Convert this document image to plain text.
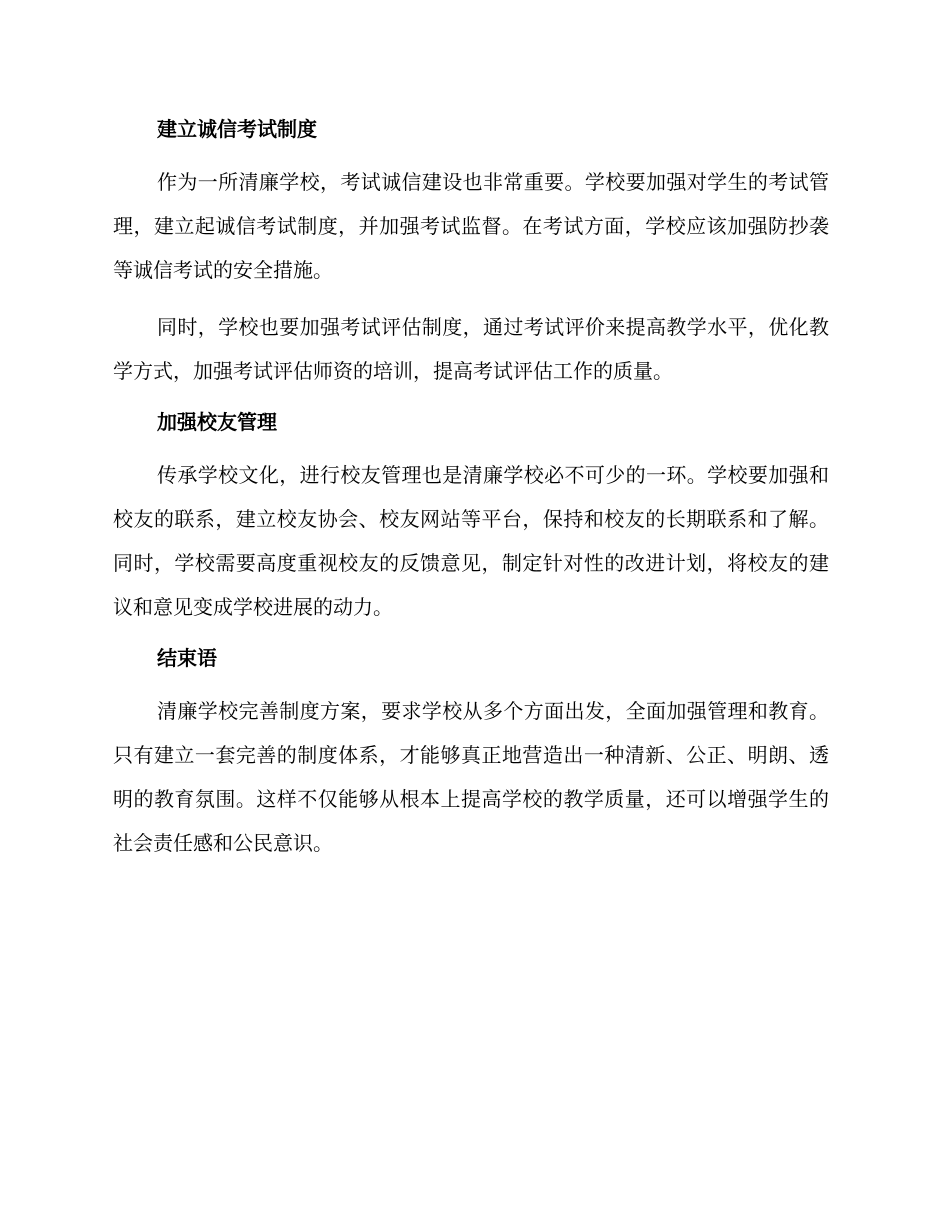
建立诚信考试制度

作为一所清廉学校，考试诚信建设也非常重要。学校要加强对学生的考试管理，建立起诚信考试制度，并加强考试监督。在考试方面，学校应该加强防抄袭等诚信考试的安全措施。

同时，学校也要加强考试评估制度，通过考试评价来提高教学水平，优化教学方式，加强考试评估师资的培训，提高考试评估工作的质量。

加强校友管理

传承学校文化，进行校友管理也是清廉学校必不可少的一环。学校要加强和校友的联系，建立校友协会、校友网站等平台，保持和校友的长期联系和了解。同时，学校需要高度重视校友的反馈意见，制定针对性的改进计划，将校友的建议和意见变成学校进展的动力。

结束语

清廉学校完善制度方案，要求学校从多个方面出发，全面加强管理和教育。只有建立一套完善的制度体系，才能够真正地营造出一种清新、公正、明朗、透明的教育氛围。这样不仅能够从根本上提高学校的教学质量，还可以增强学生的社会责任感和公民意识。
